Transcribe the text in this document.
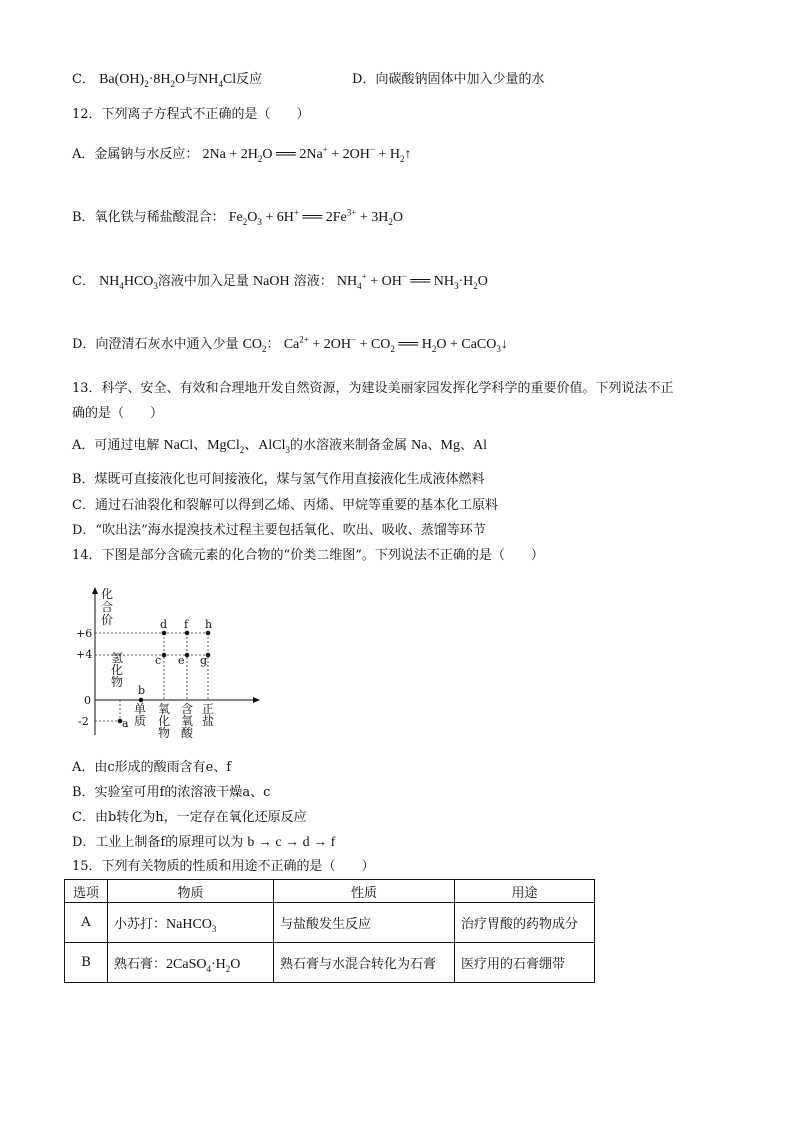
C． $Ba(OH)_2\cdot 8H_2O$与$NH_4Cl$反应	D．向碳酸钠固体中加入少量的水
12．下列离子方程式不正确的是（　　）
A．金属钠与水反应： $2Na + 2H_2O$ ══ $2Na^+ + 2OH^- + H_2↑$
B．氧化铁与稀盐酸混合： $Fe_2O_3 + 6H^+$ ══ $2Fe^{3+} + 3H_2O$
C． $NH_4HCO_3$溶液中加入足量 NaOH 溶液： $NH_4^+ + OH^-$ ══ $NH_3\cdot H_2O$
D．向澄清石灰水中通入少量 $CO_2$： $Ca^{2+} + 2OH^- + CO_2$ ══ $H_2O$ + CaCO$_3$↓
13．科学、安全、有效和合理地开发自然资源，为建设美丽家园发挥化学科学的重要价值。下列说法不正
确的是（　　）
A．可通过电解 NaCl、MgCl$_2$、AlCl$_3$的水溶液来制备金属 Na、Mg、Al
B．煤既可直接液化也可间接液化，煤与氢气作用直接液化生成液体燃料
C．通过石油裂化和裂解可以得到乙烯、丙烯、甲烷等重要的基本化工原料
D．“吹出法”海水提溴技术过程主要包括氧化、吹出、吸收、蒸馏等环节
14．下图是部分含硫元素的化合物的“价类二维图”。下列说法不正确的是（　　）
化
合
价
+6
+4
0
-2	a
b
c
d
e
f
g
h
氢
化
物
单
质
氧
化
物
含
氧
酸
正
盐
A．由c形成的酸雨含有e、f
B．实验室可用f的浓溶液干燥a、c
C．由b转化为h，一定存在氧化还原反应
D．工业上制备f的原理可以为 b → c → d → f
15．下列有关物质的性质和用途不正确的是（　　）
选项	物质	性质	用途
A	小苏打：NaHCO$_3$	与盐酸发生反应	治疗胃酸的药物成分
B	熟石膏：$2CaSO_4\cdot H_2O$	熟石膏与水混合转化为石膏	医疗用的石膏绷带
